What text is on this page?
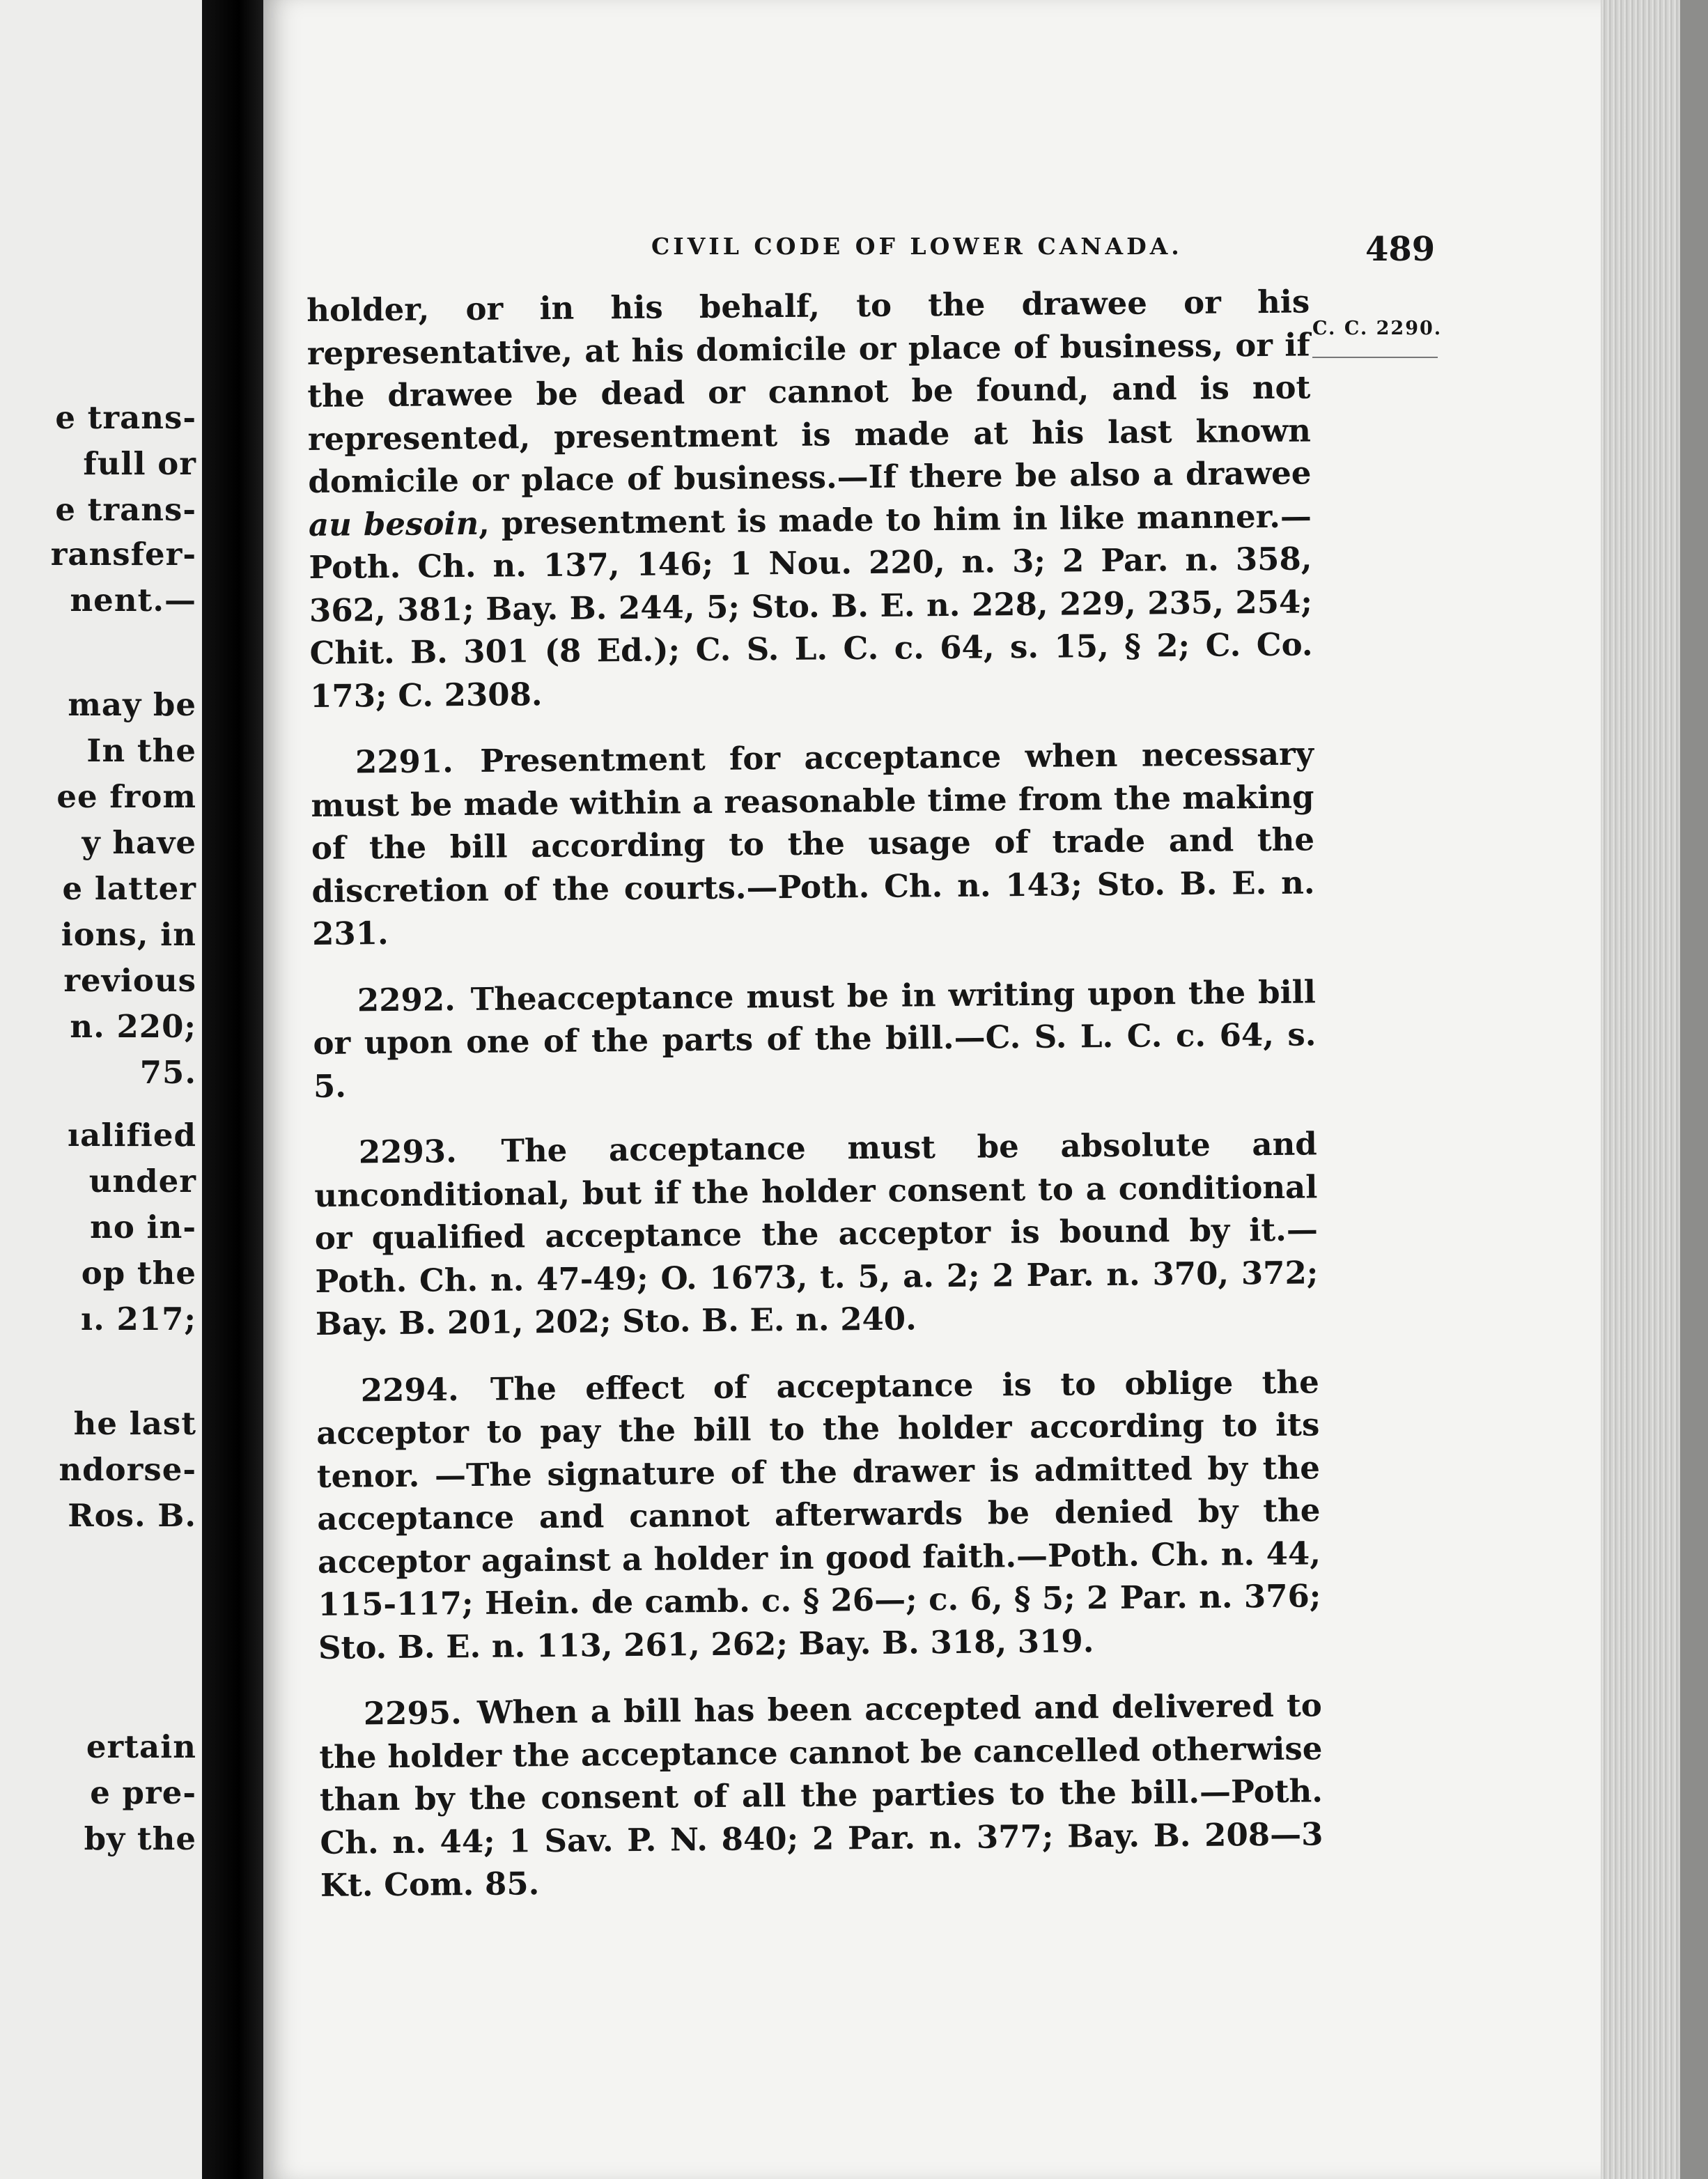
e trans-
full or
e trans-
ransfer-
nent.—
may be
In the
ee from
y have
e latter
ions, in
revious
n. 220;
75.
ıalified
under
no in-
op the
ı. 217;
he last
ndorse-
Ros. B.
ertain
e pre-
by the
CIVIL CODE OF LOWER CANADA.	489
C. C. 2290.

holder, or in his behalf, to the drawee or his representative, at his domicile or place of business, or if the drawee be dead or cannot be found, and is not represented, presentment is made at his last known domicile or place of business.—If there be also a drawee au besoin, presentment is made to him in like manner.—Poth. Ch. n. 137, 146; 1 Nou. 220, n. 3; 2 Par. n. 358, 362, 381; Bay. B. 244, 5; Sto. B. E. n. 228, 229, 235, 254; Chit. B. 301 (8 Ed.); C. S. L. C. c. 64, s. 15, § 2; C. Co. 173; C. 2308.

2291. Presentment for acceptance when necessary must be made within a reasonable time from the making of the bill according to the usage of trade and the discretion of the courts.—Poth. Ch. n. 143; Sto. B. E. n. 231.

2292. Theacceptance must be in writing upon the bill or upon one of the parts of the bill.—C. S. L. C. c. 64, s. 5.

2293. The acceptance must be absolute and unconditional, but if the holder consent to a conditional or qualified acceptance the acceptor is bound by it.—Poth. Ch. n. 47-49; O. 1673, t. 5, a. 2; 2 Par. n. 370, 372; Bay. B. 201, 202; Sto. B. E. n. 240.

2294. The effect of acceptance is to oblige the acceptor to pay the bill to the holder according to its tenor. —The signature of the drawer is admitted by the acceptance and cannot afterwards be denied by the acceptor against a holder in good faith.—Poth. Ch. n. 44, 115-117; Hein. de camb. c. § 26—; c. 6, § 5; 2 Par. n. 376; Sto. B. E. n. 113, 261, 262; Bay. B. 318, 319.

2295. When a bill has been accepted and delivered to the holder the acceptance cannot be cancelled otherwise than by the consent of all the parties to the bill.—Poth. Ch. n. 44; 1 Sav. P. N. 840; 2 Par. n. 377; Bay. B. 208—3 Kt. Com. 85.
